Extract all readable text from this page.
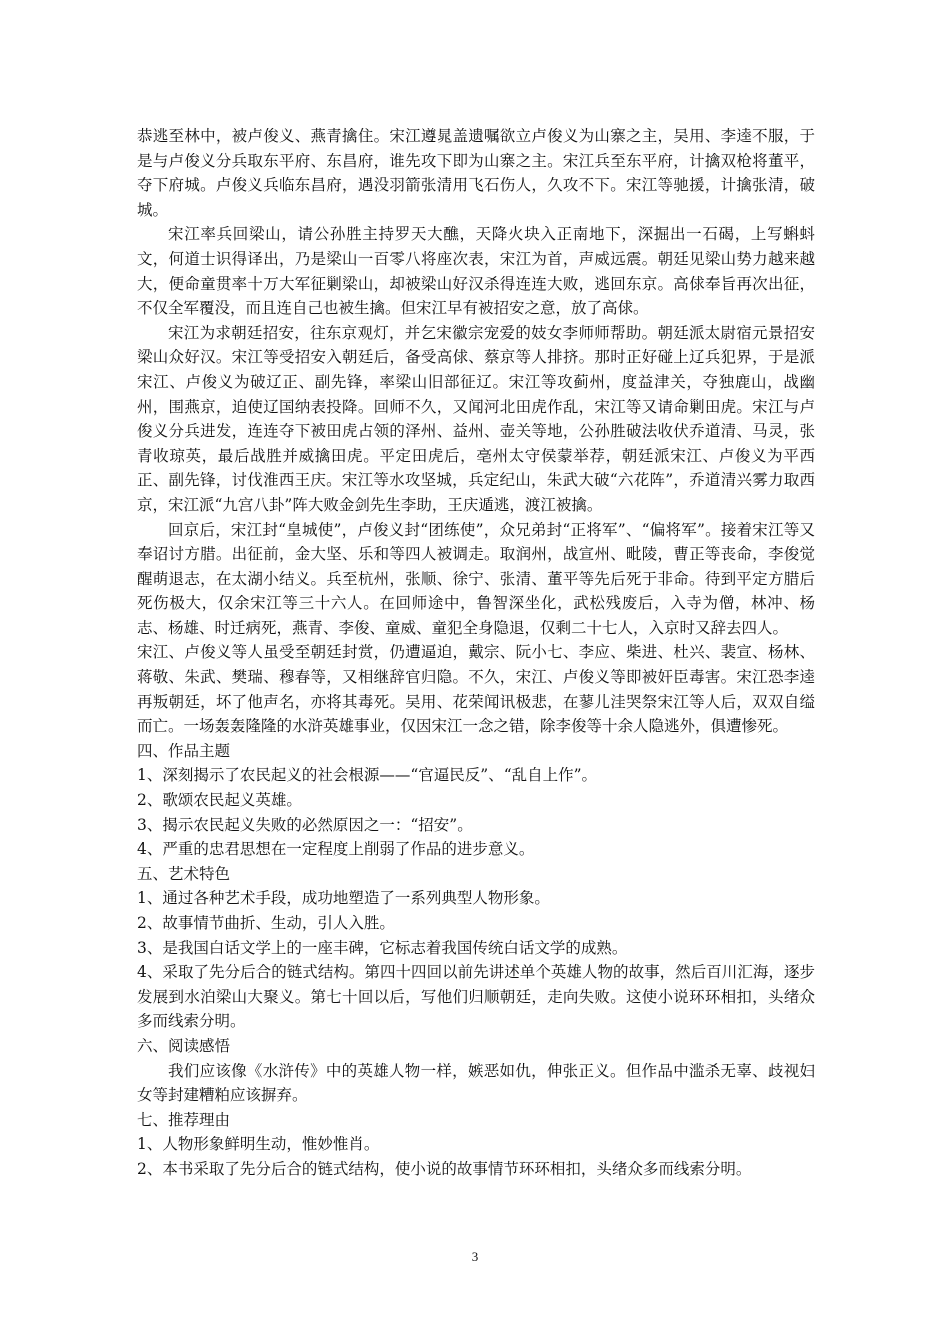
恭逃至林中，被卢俊义、燕青擒住。宋江遵晁盖遗嘱欲立卢俊义为山寨之主，吴用、李逵不服，于是与卢俊义分兵取东平府、东昌府，谁先攻下即为山寨之主。宋江兵至东平府，计擒双枪将董平，夺下府城。卢俊义兵临东昌府，遇没羽箭张清用飞石伤人，久攻不下。宋江等驰援，计擒张清，破城。

宋江率兵回梁山，请公孙胜主持罗天大醮，天降火块入正南地下，深掘出一石碣，上写蝌蚪文，何道士识得译出，乃是梁山一百零八将座次表，宋江为首，声威远震。朝廷见梁山势力越来越大，便命童贯率十万大军征剿梁山，却被梁山好汉杀得连连大败，逃回东京。高俅奉旨再次出征，不仅全军覆没，而且连自己也被生擒。但宋江早有被招安之意，放了高俅。

宋江为求朝廷招安，往东京观灯，并乞宋徽宗宠爱的妓女李师师帮助。朝廷派太尉宿元景招安梁山众好汉。宋江等受招安入朝廷后，备受高俅、蔡京等人排挤。那时正好碰上辽兵犯界，于是派宋江、卢俊义为破辽正、副先锋，率梁山旧部征辽。宋江等攻蓟州，度益津关，夺独鹿山，战幽州，围燕京，迫使辽国纳表投降。回师不久，又闻河北田虎作乱，宋江等又请命剿田虎。宋江与卢俊义分兵进发，连连夺下被田虎占领的泽州、益州、壶关等地，公孙胜破法收伏乔道清、马灵，张青收琼英，最后战胜并威擒田虎。平定田虎后，亳州太守侯蒙举荐，朝廷派宋江、卢俊义为平西正、副先锋，讨伐淮西王庆。宋江等水攻坚城，兵定纪山，朱武大破“六花阵”，乔道清兴雾力取西京，宋江派“九宫八卦”阵大败金剑先生李助，王庆遁逃，渡江被擒。

回京后，宋江封“皇城使”，卢俊义封“团练使”，众兄弟封“正将军”、“偏将军”。接着宋江等又奉诏讨方腊。出征前，金大坚、乐和等四人被调走。取润州，战宣州、毗陵，曹正等丧命，李俊觉醒萌退志，在太湖小结义。兵至杭州，张顺、徐宁、张清、董平等先后死于非命。待到平定方腊后死伤极大，仅余宋江等三十六人。在回师途中，鲁智深坐化，武松残废后，入寺为僧，林冲、杨志、杨雄、时迁病死，燕青、李俊、童威、童犯全身隐退，仅剩二十七人，入京时又辞去四人。

宋江、卢俊义等人虽受至朝廷封赏，仍遭逼迫，戴宗、阮小七、李应、柴进、杜兴、裴宣、杨林、蒋敬、朱武、樊瑞、穆春等，又相继辞官归隐。不久，宋江、卢俊义等即被奸臣毒害。宋江恐李逵再叛朝廷，坏了他声名，亦将其毒死。吴用、花荣闻讯极悲，在蓼儿洼哭祭宋江等人后，双双自缢而亡。一场轰轰隆隆的水浒英雄事业，仅因宋江一念之错，除李俊等十余人隐逃外，俱遭惨死。

四、作品主题

1、深刻揭示了农民起义的社会根源——“官逼民反”、“乱自上作”。

2、歌颂农民起义英雄。

3、揭示农民起义失败的必然原因之一：“招安”。

4、严重的忠君思想在一定程度上削弱了作品的进步意义。

五、艺术特色

1、通过各种艺术手段，成功地塑造了一系列典型人物形象。

2、故事情节曲折、生动，引人入胜。

3、是我国白话文学上的一座丰碑，它标志着我国传统白话文学的成熟。

4、采取了先分后合的链式结构。第四十四回以前先讲述单个英雄人物的故事，然后百川汇海，逐步发展到水泊梁山大聚义。第七十回以后，写他们归顺朝廷，走向失败。这使小说环环相扣，头绪众多而线索分明。

六、阅读感悟

我们应该像《水浒传》中的英雄人物一样，嫉恶如仇，伸张正义。但作品中滥杀无辜、歧视妇女等封建糟粕应该摒弃。

七、推荐理由

1、人物形象鲜明生动，惟妙惟肖。

2、本书采取了先分后合的链式结构，使小说的故事情节环环相扣，头绪众多而线索分明。

3
